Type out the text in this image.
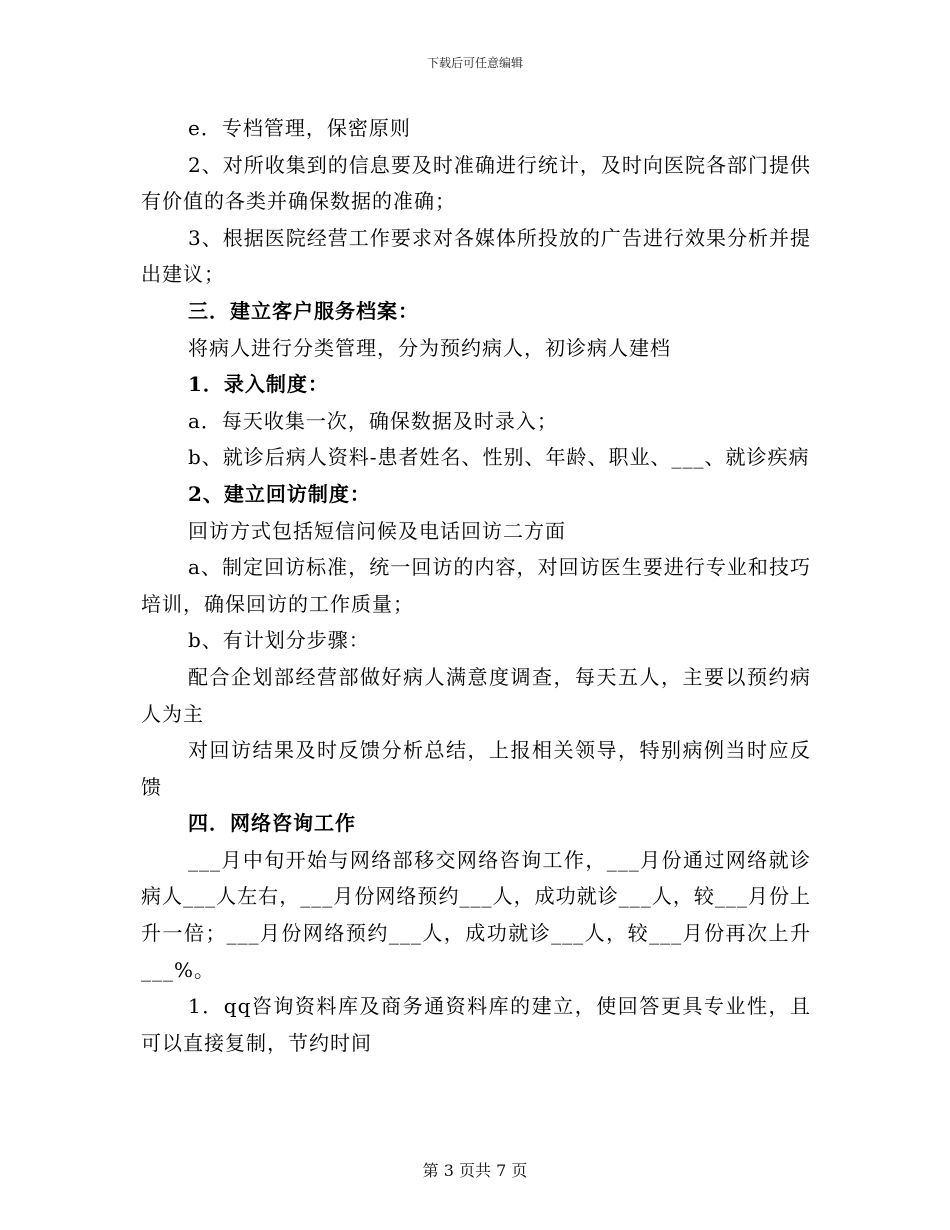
下载后可任意编辑

e．专档管理，保密原则

2、对所收集到的信息要及时准确进行统计，及时向医院各部门提供有价值的各类并确保数据的准确；

3、根据医院经营工作要求对各媒体所投放的广告进行效果分析并提出建议；

三．建立客户服务档案：

将病人进行分类管理，分为预约病人，初诊病人建档

1．录入制度：

a．每天收集一次，确保数据及时录入；

b、就诊后病人资料-患者姓名、性别、年龄、职业、___、就诊疾病

2、建立回访制度：

回访方式包括短信问候及电话回访二方面

a、制定回访标准，统一回访的内容，对回访医生要进行专业和技巧培训，确保回访的工作质量；

b、有计划分步骤：

配合企划部经营部做好病人满意度调查，每天五人，主要以预约病人为主

对回访结果及时反馈分析总结，上报相关领导，特别病例当时应反馈

四．网络咨询工作

___月中旬开始与网络部移交网络咨询工作，___月份通过网络就诊病人___人左右，___月份网络预约___人，成功就诊___人，较___月份上升一倍；___月份网络预约___人，成功就诊___人，较___月份再次上升___%。

1．qq咨询资料库及商务通资料库的建立，使回答更具专业性，且可以直接复制，节约时间

第 3 页共 7 页
